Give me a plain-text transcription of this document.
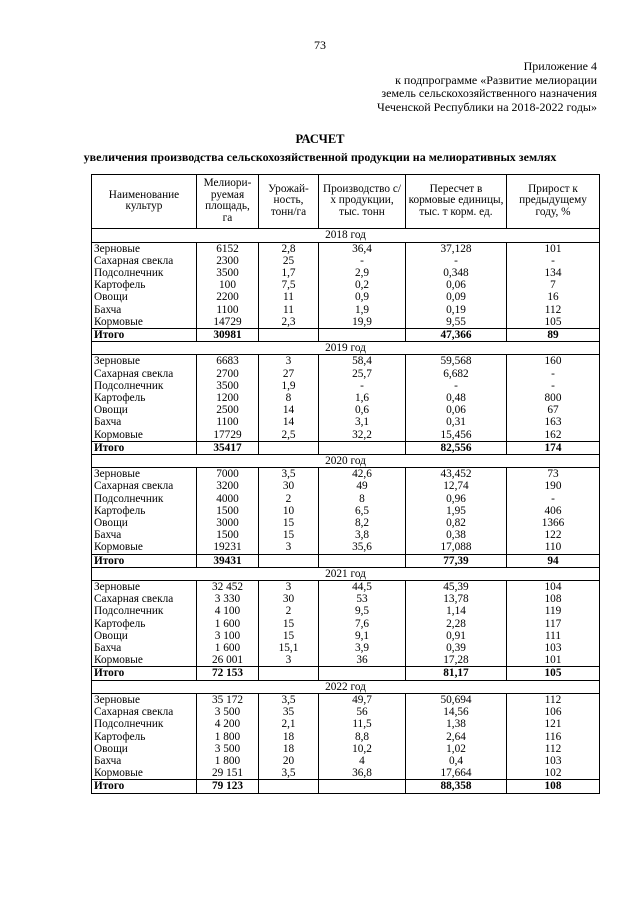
73
Приложение 4
к подпрограмме «Развитие мелиорации
земель сельскохозяйственного назначения
Чеченской Республики на 2018-2022 годы»
РАСЧЕТ
увеличения производства сельскохозяйственной продукции на мелиоративных землях
Наименование культур	Мелиори-руемая площадь, га	Урожай-ность, тонн/га	Производство с/х продукции, тыс. тонн	Пересчет в кормовые единицы, тыс. т корм. ед.	Прирост к предыдущему году, %
2018 год					
Зерновые	6152	2,8	36,4	37,128	101
Сахарная свекла	2300	25	-	-	-
Подсолнечник	3500	1,7	2,9	0,348	134
Картофель	100	7,5	0,2	0,06	7
Овощи	2200	11	0,9	0,09	16
Бахча	1100	11	1,9	0,19	112
Кормовые	14729	2,3	19,9	9,55	105
Итого	30981			47,366	89
2019 год					
Зерновые	6683	3	58,4	59,568	160
Сахарная свекла	2700	27	25,7	6,682	-
Подсолнечник	3500	1,9	-	-	-
Картофель	1200	8	1,6	0,48	800
Овощи	2500	14	0,6	0,06	67
Бахча	1100	14	3,1	0,31	163
Кормовые	17729	2,5	32,2	15,456	162
Итого	35417			82,556	174
2020 год					
Зерновые	7000	3,5	42,6	43,452	73
Сахарная свекла	3200	30	49	12,74	190
Подсолнечник	4000	2	8	0,96	-
Картофель	1500	10	6,5	1,95	406
Овощи	3000	15	8,2	0,82	1366
Бахча	1500	15	3,8	0,38	122
Кормовые	19231	3	35,6	17,088	110
Итого	39431			77,39	94
2021 год					
Зерновые	32 452	3	44,5	45,39	104
Сахарная свекла	3 330	30	53	13,78	108
Подсолнечник	4 100	2	9,5	1,14	119
Картофель	1 600	15	7,6	2,28	117
Овощи	3 100	15	9,1	0,91	111
Бахча	1 600	15,1	3,9	0,39	103
Кормовые	26 001	3	36	17,28	101
Итого	72 153			81,17	105
2022 год					
Зерновые	35 172	3,5	49,7	50,694	112
Сахарная свекла	3 500	35	56	14,56	106
Подсолнечник	4 200	2,1	11,5	1,38	121
Картофель	1 800	18	8,8	2,64	116
Овощи	3 500	18	10,2	1,02	112
Бахча	1 800	20	4	0,4	103
Кормовые	29 151	3,5	36,8	17,664	102
Итого	79 123			88,358	108
